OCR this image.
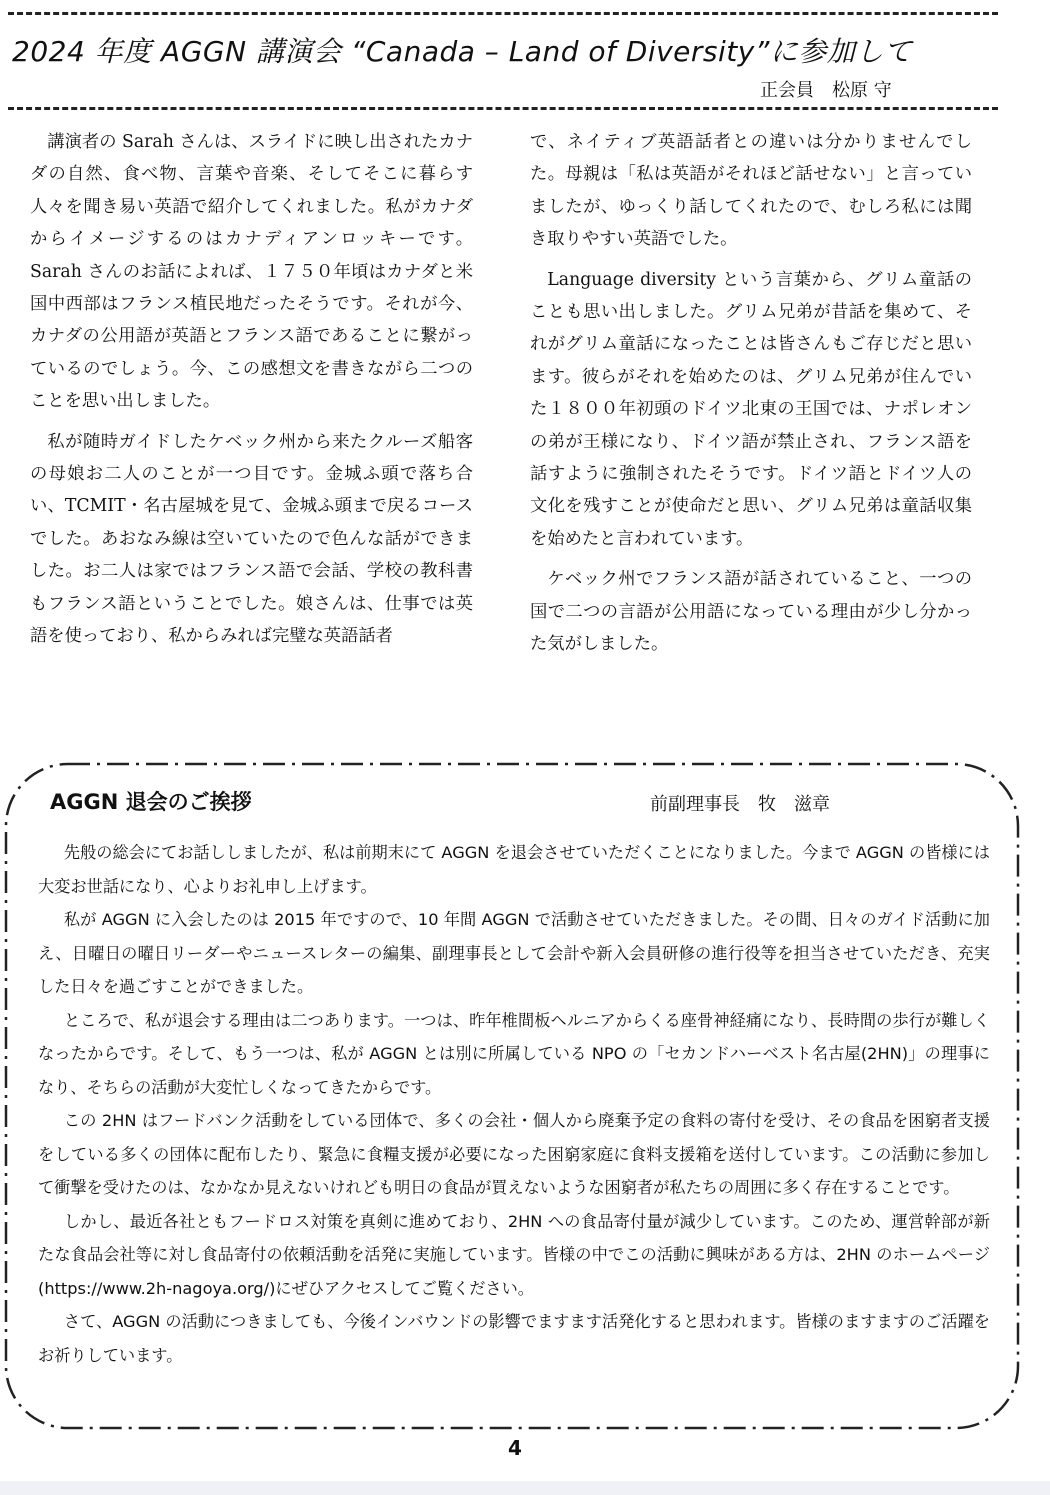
2024 年度 AGGN 講演会 “Canada – Land of Diversity”に参加して
正会員　松原 守

講演者の Sarah さんは、スライドに映し出されたカナダの自然、食べ物、言葉や音楽、そしてそこに暮らす人々を聞き易い英語で紹介してくれました。私がカナダからイメージするのはカナディアンロッキーです。Sarah さんのお話によれば、１７５０年頃はカナダと米国中西部はフランス植民地だったそうです。それが今、カナダの公用語が英語とフランス語であることに繋がっているのでしょう。今、この感想文を書きながら二つのことを思い出しました。

私が随時ガイドしたケベック州から来たクルーズ船客の母娘お二人のことが一つ目です。金城ふ頭で落ち合い、TCMIT・名古屋城を見て、金城ふ頭まで戻るコースでした。あおなみ線は空いていたので色んな話ができました。お二人は家ではフランス語で会話、学校の教科書もフランス語ということでした。娘さんは、仕事では英語を使っており、私からみれば完璧な英語話者

で、ネイティブ英語話者との違いは分かりませんでした。母親は「私は英語がそれほど話せない」と言っていましたが、ゆっくり話してくれたので、むしろ私には聞き取りやすい英語でした。

Language diversity という言葉から、グリム童話のことも思い出しました。グリム兄弟が昔話を集めて、それがグリム童話になったことは皆さんもご存じだと思います。彼らがそれを始めたのは、グリム兄弟が住んでいた１８００年初頭のドイツ北東の王国では、ナポレオンの弟が王様になり、ドイツ語が禁止され、フランス語を話すように強制されたそうです。ドイツ語とドイツ人の文化を残すことが使命だと思い、グリム兄弟は童話収集を始めたと言われています。

ケベック州でフランス語が話されていること、一つの国で二つの言語が公用語になっている理由が少し分かった気がしました。

AGGN 退会のご挨拶	前副理事長　牧　滋章

先般の総会にてお話ししましたが、私は前期末にて AGGN を退会させていただくことになりました。今まで AGGN の皆様には大変お世話になり、心よりお礼申し上げます。

私が AGGN に入会したのは 2015 年ですので、10 年間 AGGN で活動させていただきました。その間、日々のガイド活動に加え、日曜日の曜日リーダーやニュースレターの編集、副理事長として会計や新入会員研修の進行役等を担当させていただき、充実した日々を過ごすことができました。

ところで、私が退会する理由は二つあります。一つは、昨年椎間板ヘルニアからくる座骨神経痛になり、長時間の歩行が難しくなったからです。そして、もう一つは、私が AGGN とは別に所属している NPO の「セカンドハーベスト名古屋(2HN)」の理事になり、そちらの活動が大変忙しくなってきたからです。

この 2HN はフードバンク活動をしている団体で、多くの会社・個人から廃棄予定の食料の寄付を受け、その食品を困窮者支援をしている多くの団体に配布したり、緊急に食糧支援が必要になった困窮家庭に食料支援箱を送付しています。この活動に参加して衝撃を受けたのは、なかなか見えないけれども明日の食品が買えないような困窮者が私たちの周囲に多く存在することです。

しかし、最近各社ともフードロス対策を真剣に進めており、2HN への食品寄付量が減少しています。このため、運営幹部が新たな食品会社等に対し食品寄付の依頼活動を活発に実施しています。皆様の中でこの活動に興味がある方は、2HN のホームページ(https://www.2h-nagoya.org/)にぜひアクセスしてご覧ください。

さて、AGGN の活動につきましても、今後インバウンドの影響でますます活発化すると思われます。皆様のますますのご活躍をお祈りしています。

4
